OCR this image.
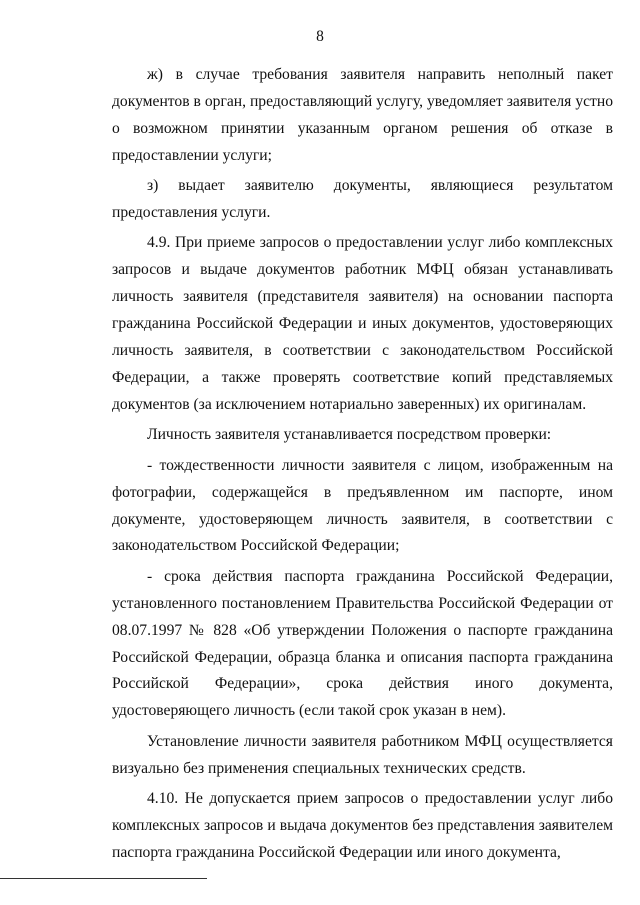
8

ж) в случае требования заявителя направить неполный пакет документов в орган, предоставляющий услугу, уведомляет заявителя устно о возможном принятии указанным органом решения об отказе в предоставлении услуги;

з) выдает заявителю документы, являющиеся результатом предоставления услуги.

4.9. При приеме запросов о предоставлении услуг либо комплексных запросов и выдаче документов работник МФЦ обязан устанавливать личность заявителя (представителя заявителя) на основании паспорта гражданина Российской Федерации и иных документов, удостоверяющих личность заявителя, в соответствии с законодательством Российской Федерации, а также проверять соответствие копий представляемых документов (за исключением нотариально заверенных) их оригиналам.

Личность заявителя устанавливается посредством проверки:

- тождественности личности заявителя с лицом, изображенным на фотографии, содержащейся в предъявленном им паспорте, ином документе, удостоверяющем личность заявителя, в соответствии с законодательством Российской Федерации;

- срока действия паспорта гражданина Российской Федерации, установленного постановлением Правительства Российской Федерации от 08.07.1997 № 828 «Об утверждении Положения о паспорте гражданина Российской Федерации, образца бланка и описания паспорта гражданина Российской Федерации», срока действия иного документа, удостоверяющего личность (если такой срок указан в нем).

Установление личности заявителя работником МФЦ осуществляется визуально без применения специальных технических средств.

4.10. Не допускается прием запросов о предоставлении услуг либо комплексных запросов и выдача документов без представления заявителем паспорта гражданина Российской Федерации или иного документа,
